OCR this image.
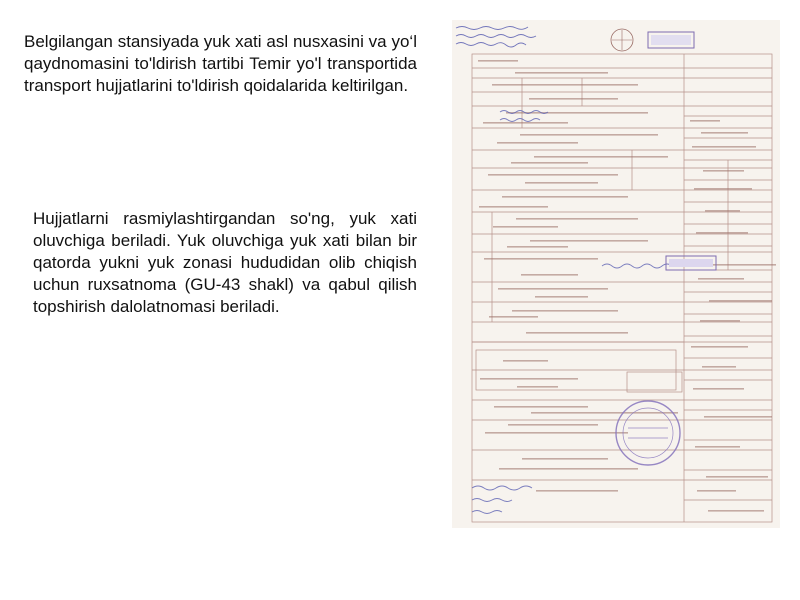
Belgilangan stansiyada yuk xati asl nusxasini va yo‘l qaydnomasini to'ldirish tartibi Temir yo'l transportida transport hujjatlarini to'ldirish qoidalarida keltirilgan.

Hujjatlarni rasmiylashtirgandan so'ng, yuk xati oluvchiga beriladi. Yuk oluvchiga yuk xati bilan bir qatorda yukni yuk zonasi hududidan olib chiqish uchun ruxsatnoma (GU-43 shakl) va qabul qilish topshirish dalolatnomasi beriladi.
